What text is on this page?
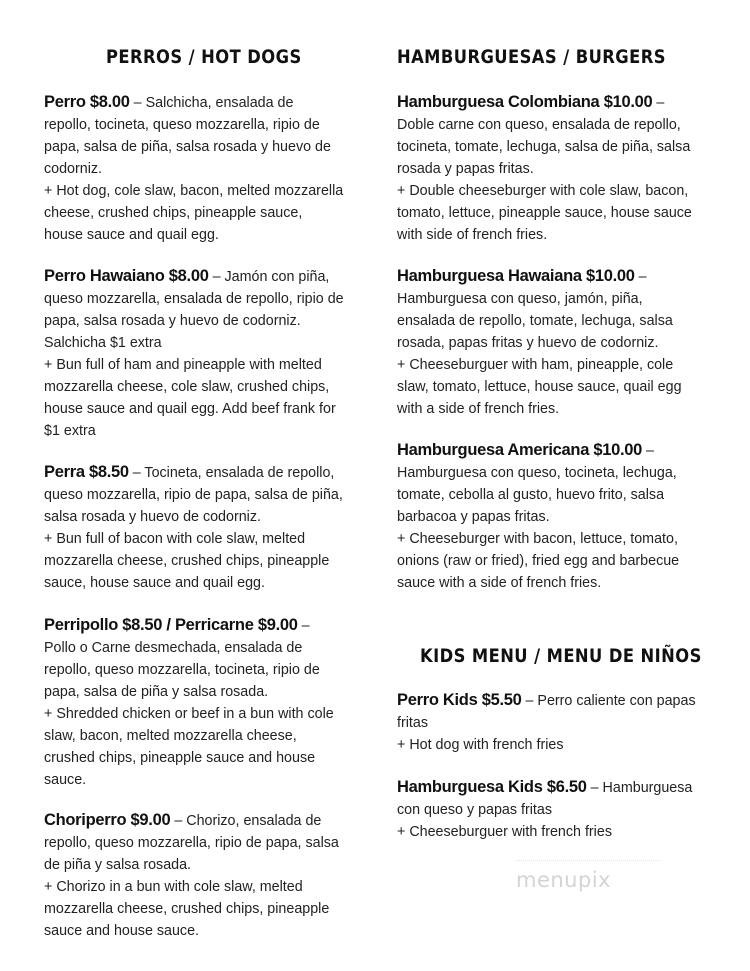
PERROS / HOT DOGS
Perro $8.00 – Salchicha, ensalada de repollo, tocineta, queso mozzarella, ripio de papa, salsa de piña, salsa rosada y huevo de codorniz.
+ Hot dog, cole slaw, bacon, melted mozzarella cheese, crushed chips, pineapple sauce, house sauce and quail egg.
Perro Hawaiano $8.00 – Jamón con piña, queso mozzarella, ensalada de repollo, ripio de papa, salsa rosada y huevo de codorniz. Salchicha $1 extra
+ Bun full of ham and pineapple with melted mozzarella cheese, cole slaw, crushed chips, house sauce and quail egg. Add beef frank for $1 extra
Perra $8.50 – Tocineta, ensalada de repollo, queso mozzarella, ripio de papa, salsa de piña, salsa rosada y huevo de codorniz.
+ Bun full of bacon with cole slaw, melted mozzarella cheese, crushed chips, pineapple sauce, house sauce and quail egg.
Perripollo $8.50 / Perricarne $9.00 – Pollo o Carne desmechada, ensalada de repollo, queso mozzarella, tocineta, ripio de papa, salsa de piña y salsa rosada.
+ Shredded chicken or beef in a bun with cole slaw, bacon, melted mozzarella cheese, crushed chips, pineapple sauce and house sauce.
Choriperro $9.00 – Chorizo, ensalada de repollo, queso mozzarella, ripio de papa, salsa de piña y salsa rosada.
+ Chorizo in a bun with cole slaw, melted mozzarella cheese, crushed chips, pineapple sauce and house sauce.
HAMBURGUESAS / BURGERS
Hamburguesa Colombiana $10.00 – Doble carne con queso, ensalada de repollo, tocineta, tomate, lechuga, salsa de piña, salsa rosada y papas fritas.
+ Double cheeseburger with cole slaw, bacon, tomato, lettuce, pineapple sauce, house sauce with side of french fries.
Hamburguesa Hawaiana $10.00 – Hamburguesa con queso, jamón, piña, ensalada de repollo, tomate, lechuga, salsa rosada, papas fritas y huevo de codorniz.
+ Cheeseburguer with ham, pineapple, cole slaw, tomato, lettuce, house sauce, quail egg with a side of french fries.
Hamburguesa Americana $10.00 – Hamburguesa con queso, tocineta, lechuga, tomate, cebolla al gusto, huevo frito, salsa barbacoa y papas fritas.
+ Cheeseburger with bacon, lettuce, tomato, onions (raw or fried), fried egg and barbecue sauce with a side of french fries.
KIDS MENU / MENU DE NIÑOS
Perro Kids $5.50 – Perro caliente con papas fritas
+ Hot dog with french fries
Hamburguesa Kids $6.50 – Hamburguesa con queso y papas fritas
+ Cheeseburguer with french fries
menupix
